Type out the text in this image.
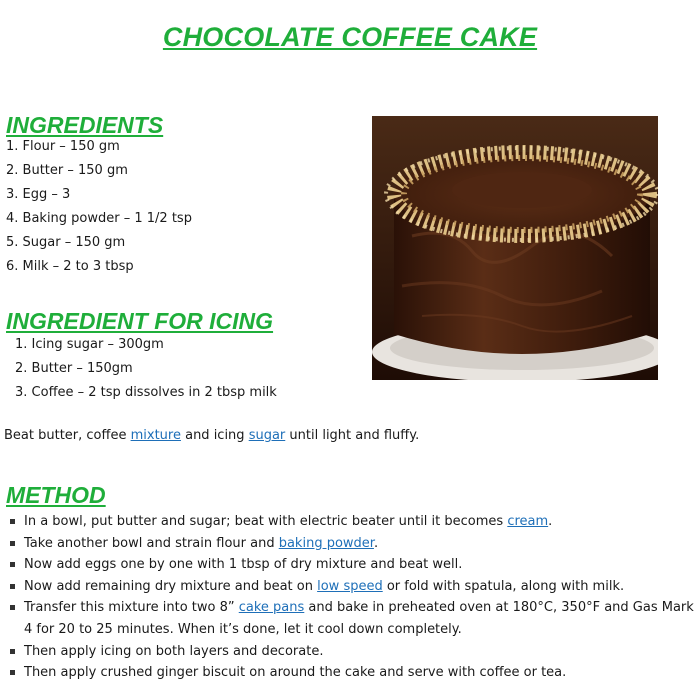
CHOCOLATE COFFEE CAKE
INGREDIENTS
1. Flour – 150 gm
2. Butter – 150 gm
3. Egg – 3
4. Baking powder – 1 1/2 tsp
5. Sugar – 150 gm
6. Milk – 2 to 3 tbsp
INGREDIENT FOR ICING
1. Icing sugar – 300gm
2. Butter – 150gm
3. Coffee – 2 tsp dissolves in 2 tbsp milk
Beat butter, coffee mixture and icing sugar until light and fluffy.
METHOD
In a bowl, put butter and sugar; beat with electric beater until it becomes cream.
Take another bowl and strain flour and baking powder.
Now add eggs one by one with 1 tbsp of dry mixture and beat well.
Now add remaining dry mixture and beat on low speed or fold with spatula, along with milk.
Transfer this mixture into two 8” cake pans and bake in preheated oven at 180°C, 350°F and Gas Mark 4 for 20 to 25 minutes. When it’s done, let it cool down completely.
Then apply icing on both layers and decorate.
Then apply crushed ginger biscuit on around the cake and serve with coffee or tea.
